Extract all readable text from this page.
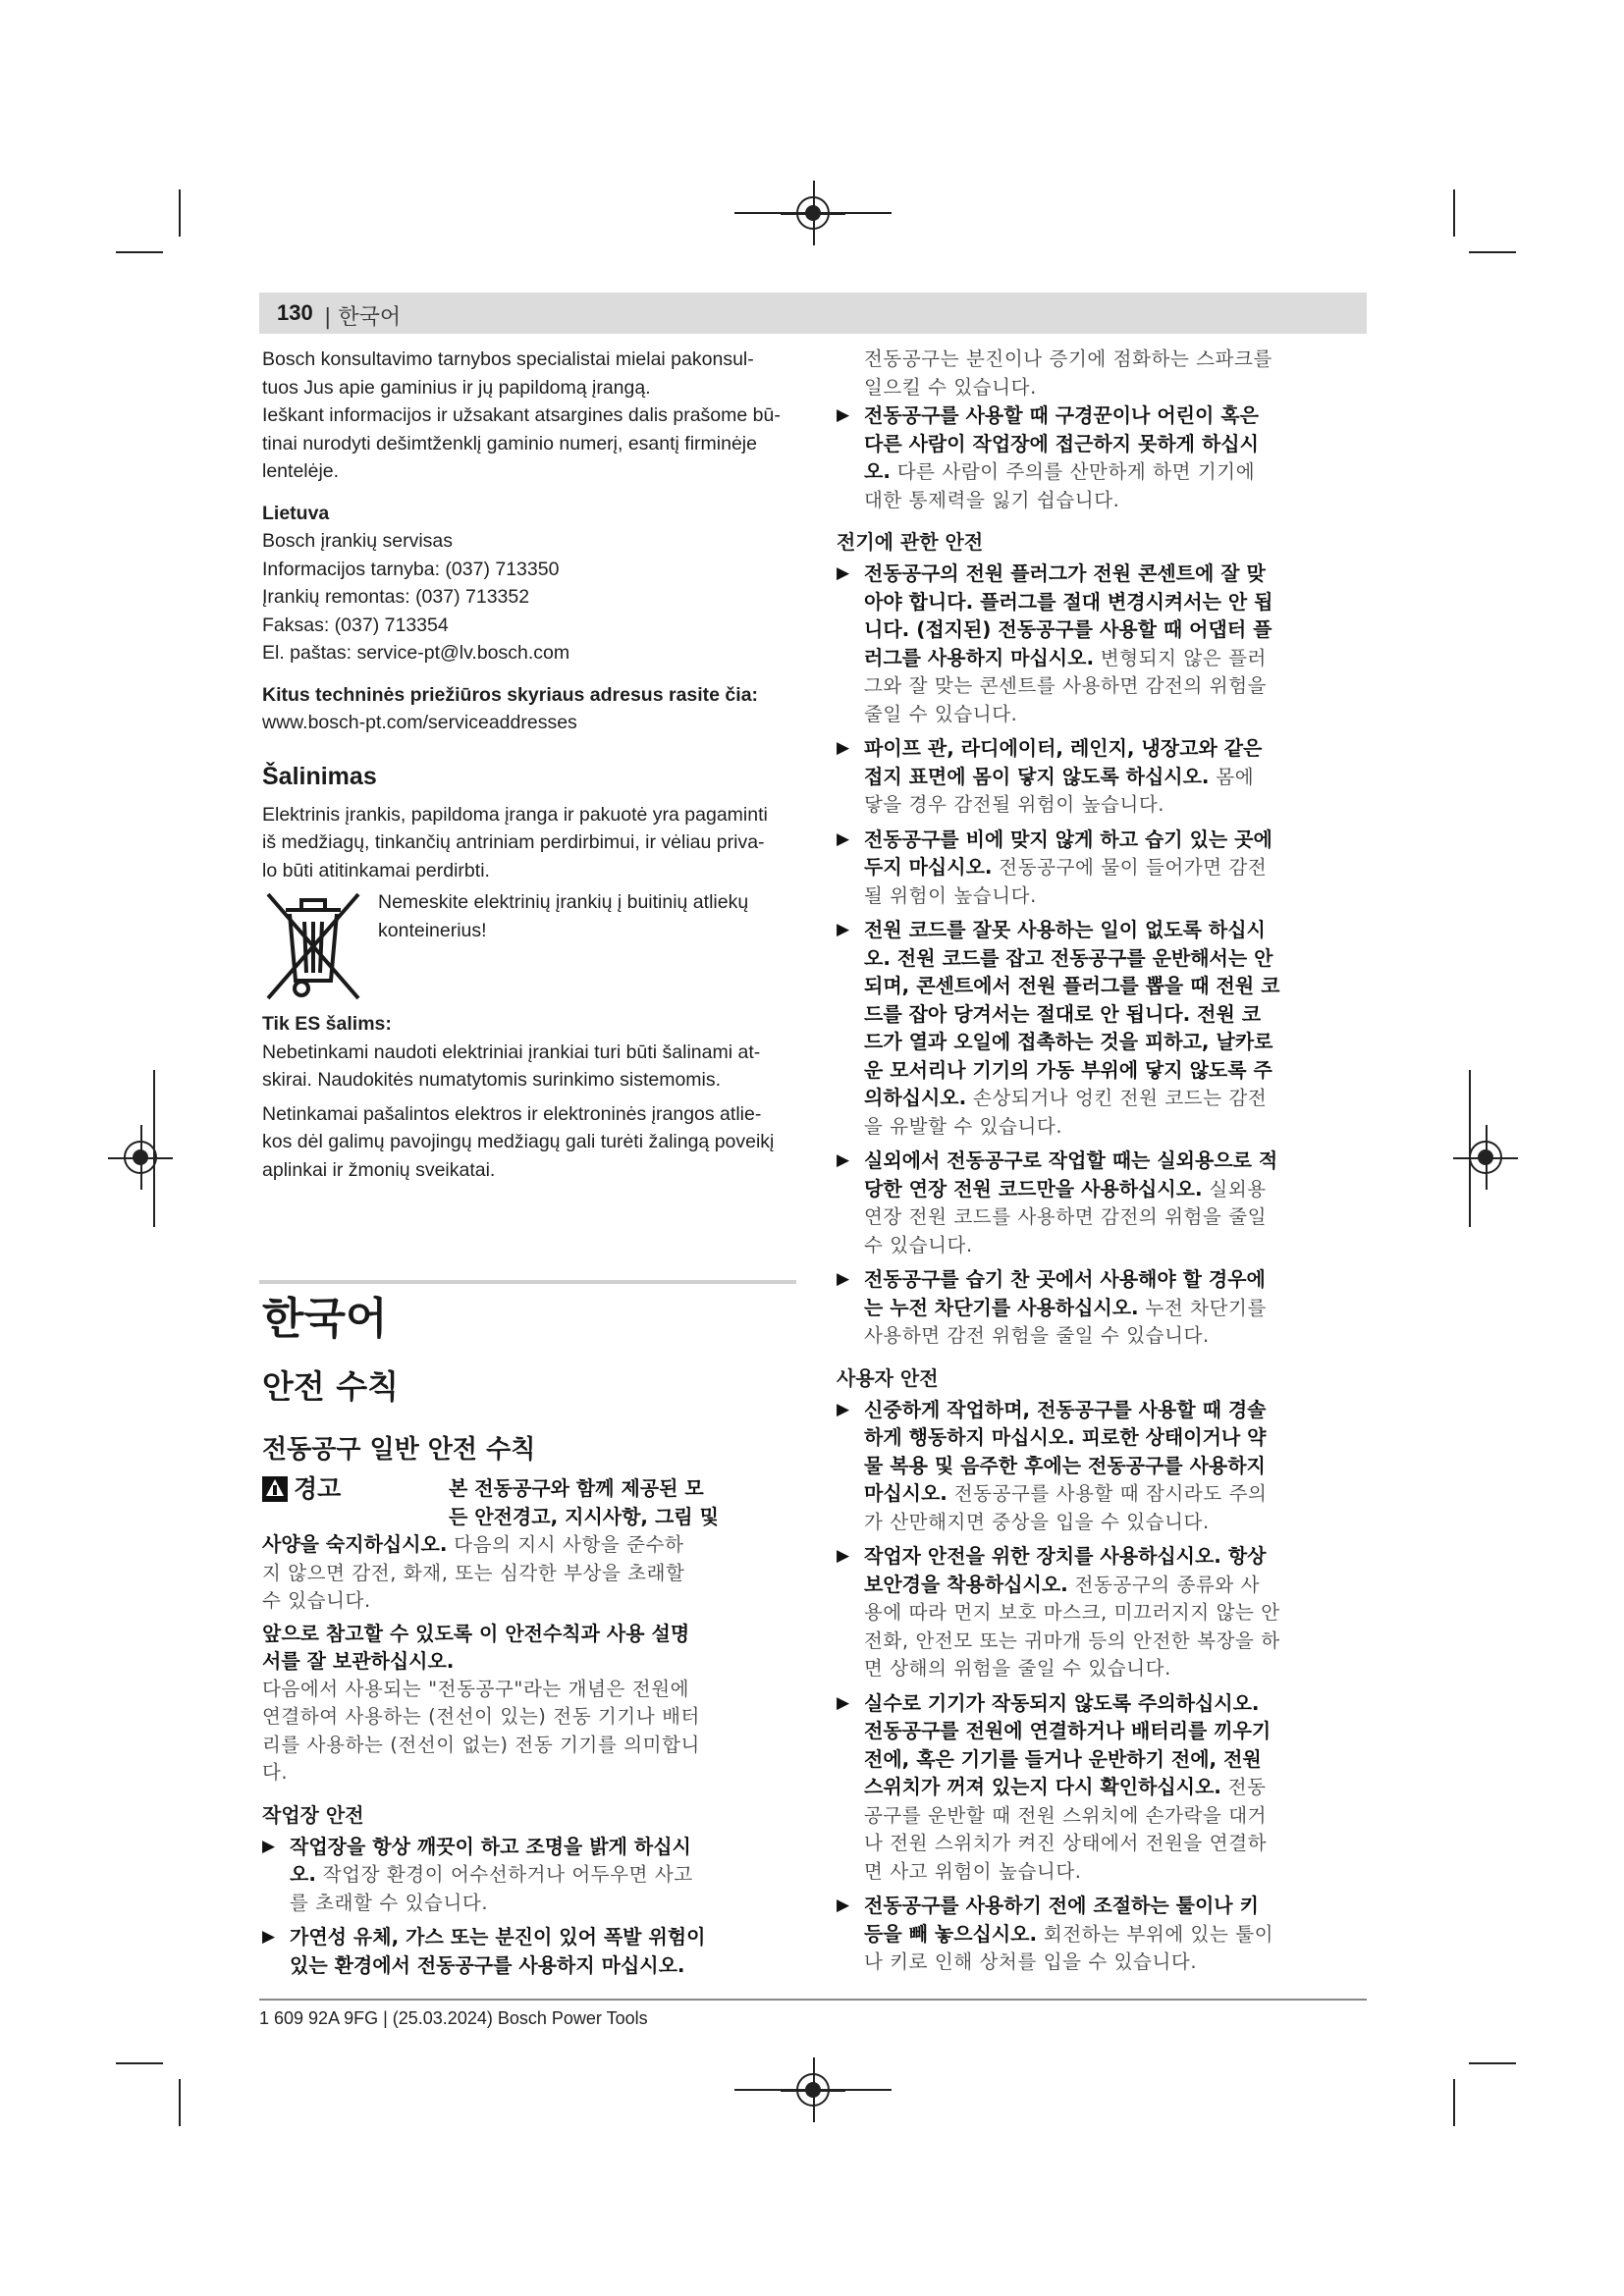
130 | 한국어

Bosch konsultavimo tarnybos specialistai mielai pakonsul-

tuos Jus apie gaminius ir jų papildomą įrangą.

Ieškant informacijos ir užsakant atsargines dalis prašome bū-

tinai nurodyti dešimtženklį gaminio numerį, esantį firminėje

lentelėje.

Lietuva

Bosch įrankių servisas

Informacijos tarnyba: (037) 713350

Įrankių remontas: (037) 713352

Faksas: (037) 713354

El. paštas: service-pt@lv.bosch.com

Kitus techninės priežiūros skyriaus adresus rasite čia:

www.bosch-pt.com/serviceaddresses

Šalinimas

Elektrinis įrankis, papildoma įranga ir pakuotė yra pagaminti

iš medžiagų, tinkančių antriniam perdirbimui, ir vėliau priva-

lo būti atitinkamai perdirbti.

Nemeskite elektrinių įrankių į buitinių atliekų

konteinerius!

Tik ES šalims:

Nebetinkami naudoti elektriniai įrankiai turi būti šalinami at-

skirai. Naudokitės numatytomis surinkimo sistemomis.

Netinkamai pašalintos elektros ir elektroninės įrangos atlie-

kos dėl galimų pavojingų medžiagų gali turėti žalingą poveikį

aplinkai ir žmonių sveikatai.

한국어

안전 수칙

전동공구 일반 안전 수칙

경고	본 전동공구와 함께 제공된 모

든 안전경고, 지시사항, 그림 및

사양을 숙지하십시오. 다음의 지시 사항을 준수하

지 않으면 감전, 화재, 또는 심각한 부상을 초래할

수 있습니다.

앞으로 참고할 수 있도록 이 안전수칙과 사용 설명

서를 잘 보관하십시오.

다음에서 사용되는 "전동공구"라는 개념은 전원에

연결하여 사용하는 (전선이 있는) 전동 기기나 배터

리를 사용하는 (전선이 없는) 전동 기기를 의미합니

다.

작업장 안전

▶ 작업장을 항상 깨끗이 하고 조명을 밝게 하십시

오. 작업장 환경이 어수선하거나 어두우면 사고

를 초래할 수 있습니다.

▶ 가연성 유체, 가스 또는 분진이 있어 폭발 위험이

있는 환경에서 전동공구를 사용하지 마십시오.

전동공구는 분진이나 증기에 점화하는 스파크를

일으킬 수 있습니다.

▶ 전동공구를 사용할 때 구경꾼이나 어린이 혹은

다른 사람이 작업장에 접근하지 못하게 하십시

오. 다른 사람이 주의를 산만하게 하면 기기에

대한 통제력을 잃기 쉽습니다.

전기에 관한 안전

▶ 전동공구의 전원 플러그가 전원 콘센트에 잘 맞

아야 합니다. 플러그를 절대 변경시켜서는 안 됩

니다. (접지된) 전동공구를 사용할 때 어댑터 플

러그를 사용하지 마십시오. 변형되지 않은 플러

그와 잘 맞는 콘센트를 사용하면 감전의 위험을

줄일 수 있습니다.

▶ 파이프 관, 라디에이터, 레인지, 냉장고와 같은

접지 표면에 몸이 닿지 않도록 하십시오. 몸에

닿을 경우 감전될 위험이 높습니다.

▶ 전동공구를 비에 맞지 않게 하고 습기 있는 곳에

두지 마십시오. 전동공구에 물이 들어가면 감전

될 위험이 높습니다.

▶ 전원 코드를 잘못 사용하는 일이 없도록 하십시

오. 전원 코드를 잡고 전동공구를 운반해서는 안

되며, 콘센트에서 전원 플러그를 뽑을 때 전원 코

드를 잡아 당겨서는 절대로 안 됩니다. 전원 코

드가 열과 오일에 접촉하는 것을 피하고, 날카로

운 모서리나 기기의 가동 부위에 닿지 않도록 주

의하십시오. 손상되거나 엉킨 전원 코드는 감전

을 유발할 수 있습니다.

▶ 실외에서 전동공구로 작업할 때는 실외용으로 적

당한 연장 전원 코드만을 사용하십시오. 실외용

연장 전원 코드를 사용하면 감전의 위험을 줄일

수 있습니다.

▶ 전동공구를 습기 찬 곳에서 사용해야 할 경우에

는 누전 차단기를 사용하십시오. 누전 차단기를

사용하면 감전 위험을 줄일 수 있습니다.

사용자 안전

▶ 신중하게 작업하며, 전동공구를 사용할 때 경솔

하게 행동하지 마십시오. 피로한 상태이거나 약

물 복용 및 음주한 후에는 전동공구를 사용하지

마십시오. 전동공구를 사용할 때 잠시라도 주의

가 산만해지면 중상을 입을 수 있습니다.

▶ 작업자 안전을 위한 장치를 사용하십시오. 항상

보안경을 착용하십시오. 전동공구의 종류와 사

용에 따라 먼지 보호 마스크, 미끄러지지 않는 안

전화, 안전모 또는 귀마개 등의 안전한 복장을 하

면 상해의 위험을 줄일 수 있습니다.

▶ 실수로 기기가 작동되지 않도록 주의하십시오.

전동공구를 전원에 연결하거나 배터리를 끼우기

전에, 혹은 기기를 들거나 운반하기 전에, 전원

스위치가 꺼져 있는지 다시 확인하십시오. 전동

공구를 운반할 때 전원 스위치에 손가락을 대거

나 전원 스위치가 켜진 상태에서 전원을 연결하

면 사고 위험이 높습니다.

▶ 전동공구를 사용하기 전에 조절하는 툴이나 키

등을 빼 놓으십시오. 회전하는 부위에 있는 툴이

나 키로 인해 상처를 입을 수 있습니다.

1 609 92A 9FG | (25.03.2024) Bosch Power Tools
